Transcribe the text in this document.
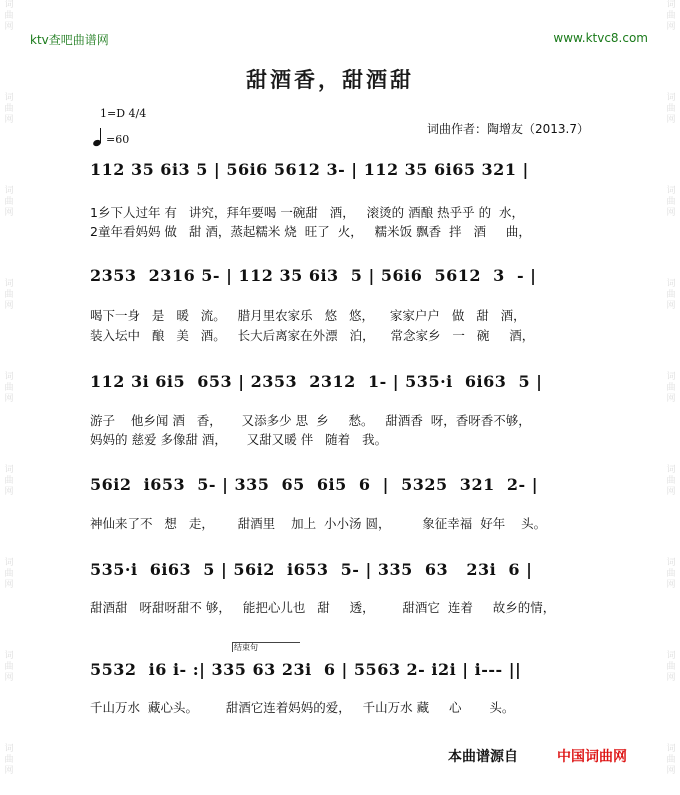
词曲网
词曲网
词曲网
词曲网
词曲网
词曲网
词曲网
词曲网
词曲网
词曲网
词曲网
词曲网
词曲网
词曲网
词曲网
词曲网
词曲网
词曲网
ktv查吧曲谱网	www.ktvc8.com
甜酒香，甜酒甜
1=D 4/4
=60
词曲作者：陶增友（2013.7）
112 35 6i3 5 | 56i6 5612 3- | 112 35 6i65 321 |
1乡下人过年 有   讲究，拜年要喝 一碗甜   酒，   滚烫的 酒酿 热乎乎 的  水，
2童年看妈妈 做   甜 酒，蒸起糯米 烧  旺了  火，   糯米饭 飘香  拌   酒     曲，
2353  2316 5- | 112 35 6i3  5 | 56i6  5612  3  - |
喝下一身   是   暖   流。   腊月里农家乐   悠   悠，    家家户户   做   甜   酒，
装入坛中   酿   美   酒。   长大后离家在外漂   泊，    常念家乡   一   碗     酒，
112 3i 6i5  653 | 2353  2312  1- | 535·i  6i63  5 |
游子    他乡闻 酒   香，     又添多少 思  乡     愁。   甜酒香  呀，香呀香不够，
妈妈的 慈爱 多像甜 酒，     又甜又暖 伴   随着   我。
56i2  i653  5- | 335  65  6i5  6  |  5325  321  2- |
神仙来了不   想   走，      甜酒里    加上  小小汤 圆，        象征幸福  好年    头。
535·i  6i63  5 | 56i2  i653  5- | 335  63   23i  6 |
甜酒甜   呀甜呀甜不 够，   能把心儿也   甜     透，       甜酒它  连着     故乡的情，
结束句
5532  i6 i- :| 335 63 23i  6 | 5563 2- i2i | i--- ||
千山万水  藏心头。       甜酒它连着妈妈的爱，   千山万水 藏     心       头。
本曲谱源自	中国词曲网
